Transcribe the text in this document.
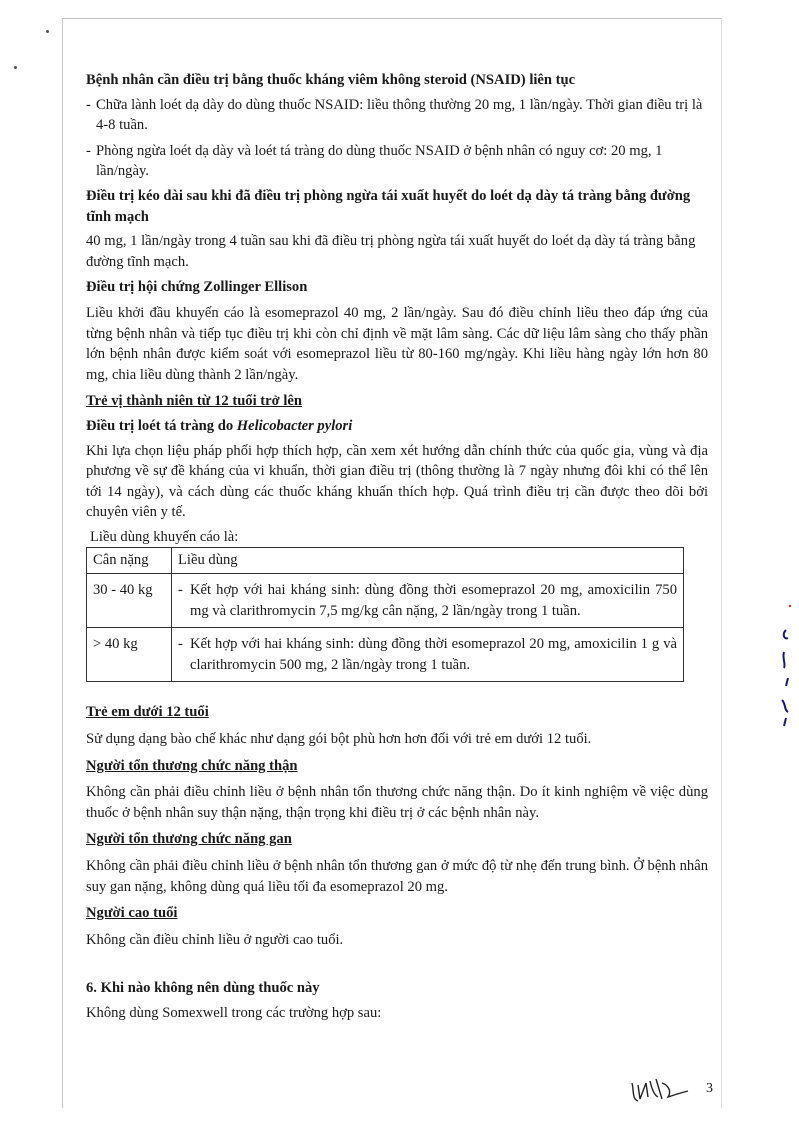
Bệnh nhân cần điều trị bằng thuốc kháng viêm không steroid (NSAID) liên tục

- Chữa lành loét dạ dày do dùng thuốc NSAID: liều thông thường 20 mg, 1 lần/ngày. Thời gian điều trị là 4-8 tuần.
- Phòng ngừa loét dạ dày và loét tá tràng do dùng thuốc NSAID ở bệnh nhân có nguy cơ: 20 mg, 1 lần/ngày.

Điều trị kéo dài sau khi đã điều trị phòng ngừa tái xuất huyết do loét dạ dày tá tràng bằng đường tĩnh mạch

40 mg, 1 lần/ngày trong 4 tuần sau khi đã điều trị phòng ngừa tái xuất huyết do loét dạ dày tá tràng bằng đường tĩnh mạch.

Điều trị hội chứng Zollinger Ellison

Liều khởi đầu khuyến cáo là esomeprazol 40 mg, 2 lần/ngày. Sau đó điều chỉnh liều theo đáp ứng của từng bệnh nhân và tiếp tục điều trị khi còn chỉ định về mặt lâm sàng. Các dữ liệu lâm sàng cho thấy phần lớn bệnh nhân được kiểm soát với esomeprazol liều từ 80-160 mg/ngày. Khi liều hàng ngày lớn hơn 80 mg, chia liều dùng thành 2 lần/ngày.

Trẻ vị thành niên từ 12 tuổi trở lên

Điều trị loét tá tràng do Helicobacter pylori

Khi lựa chọn liệu pháp phối hợp thích hợp, cần xem xét hướng dẫn chính thức của quốc gia, vùng và địa phương về sự đề kháng của vi khuẩn, thời gian điều trị (thông thường là 7 ngày nhưng đôi khi có thể lên tới 14 ngày), và cách dùng các thuốc kháng khuẩn thích hợp. Quá trình điều trị cần được theo dõi bởi chuyên viên y tế.

Liều dùng khuyến cáo là:

Cân nặng	Liều dùng
30 - 40 kg	- Kết hợp với hai kháng sinh: dùng đồng thời esomeprazol 20 mg, amoxicilin 750 mg và clarithromycin 7,5 mg/kg cân nặng, 2 lần/ngày trong 1 tuần.

> 40 kg	- Kết hợp với hai kháng sinh: dùng đồng thời esomeprazol 20 mg, amoxicilin 1 g và clarithromycin 500 mg, 2 lần/ngày trong 1 tuần.

Trẻ em dưới 12 tuổi

Sử dụng dạng bào chế khác như dạng gói bột phù hơn hơn đối với trẻ em dưới 12 tuổi.

Người tổn thương chức năng thận

Không cần phải điều chỉnh liều ở bệnh nhân tổn thương chức năng thận. Do ít kinh nghiệm về việc dùng thuốc ở bệnh nhân suy thận nặng, thận trọng khi điều trị ở các bệnh nhân này.

Người tổn thương chức năng gan

Không cần phải điều chỉnh liều ở bệnh nhân tổn thương gan ở mức độ từ nhẹ đến trung bình. Ở bệnh nhân suy gan nặng, không dùng quá liều tối đa esomeprazol 20 mg.

Người cao tuổi

Không cần điều chỉnh liều ở người cao tuổi.

6. Khi nào không nên dùng thuốc này

Không dùng Somexwell trong các trường hợp sau:

3
